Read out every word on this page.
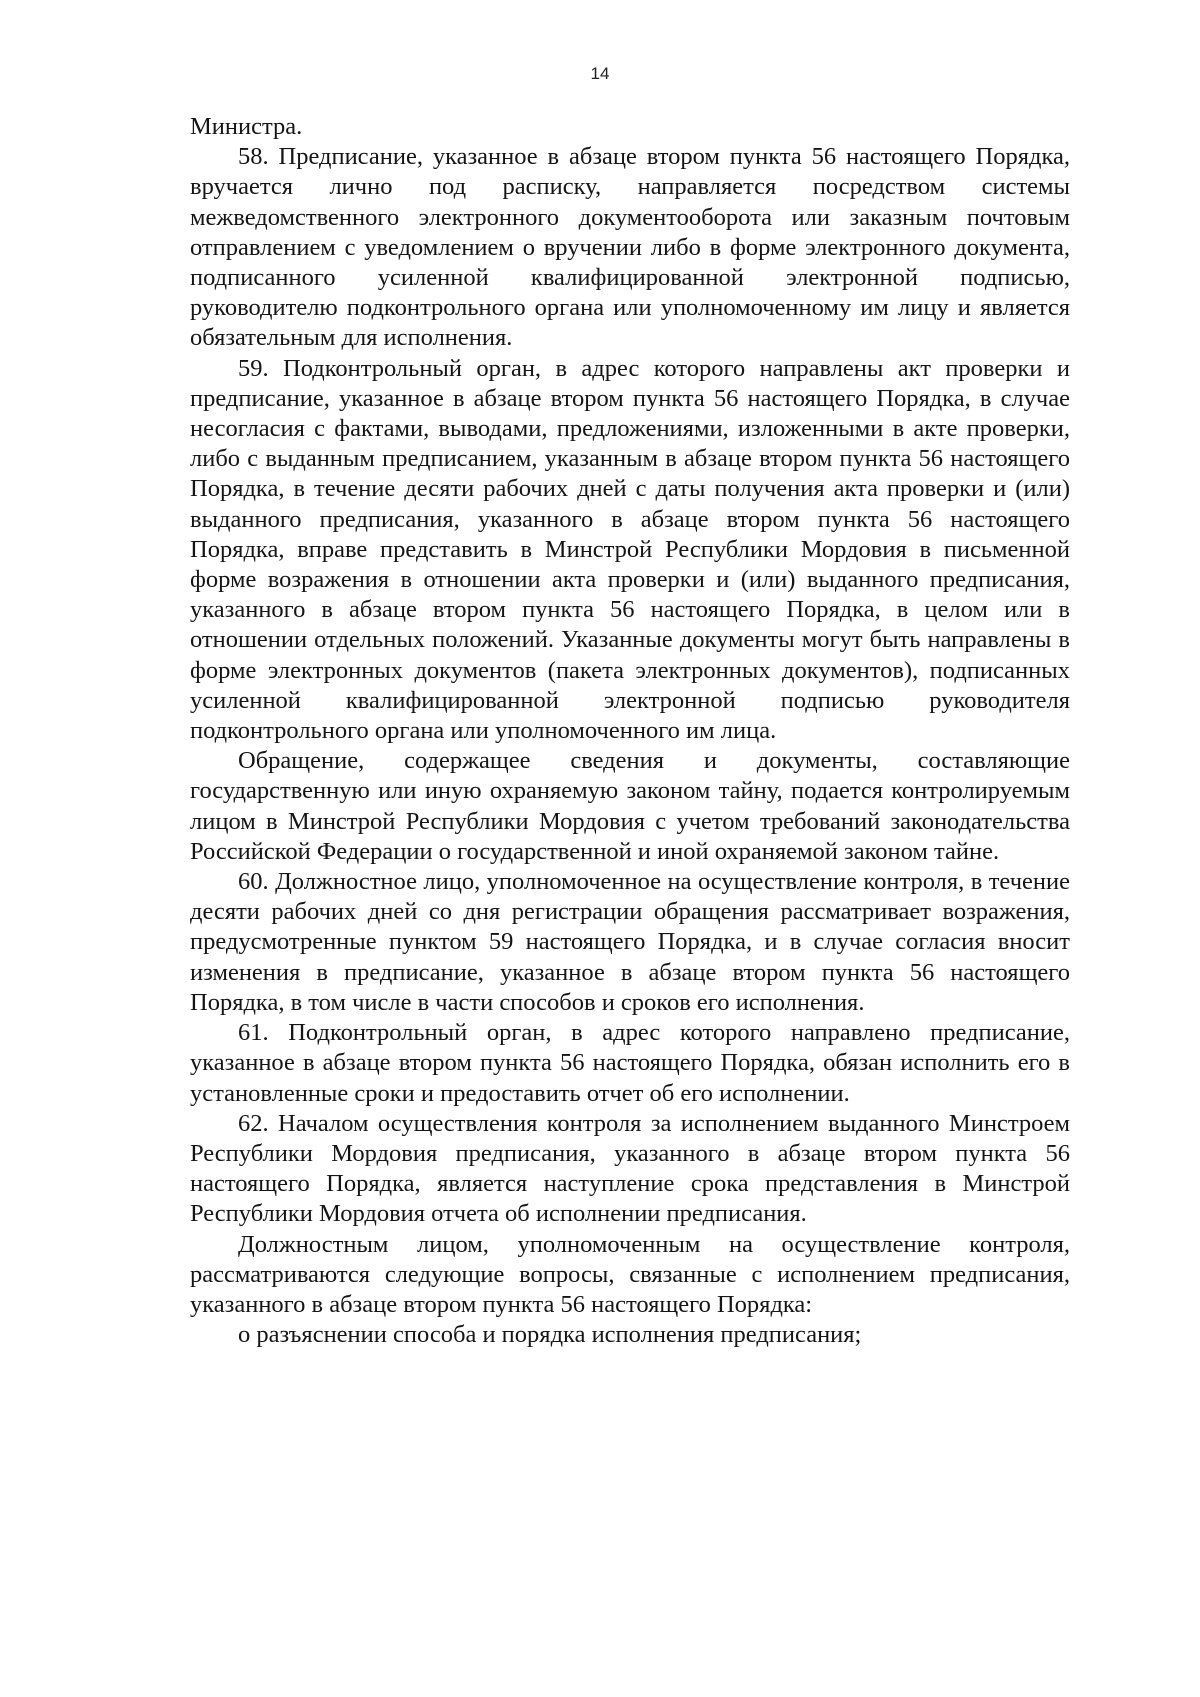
14

Министра.

58. Предписание, указанное в абзаце втором пункта 56 настоящего Порядка, вручается лично под расписку, направляется посредством системы межведомственного электронного документооборота или заказным почтовым отправлением с уведомлением о вручении либо в форме электронного документа, подписанного усиленной квалифицированной электронной подписью, руководителю подконтрольного органа или уполномоченному им лицу и является обязательным для исполнения.

59. Подконтрольный орган, в адрес которого направлены акт проверки и предписание, указанное в абзаце втором пункта 56 настоящего Порядка, в случае несогласия с фактами, выводами, предложениями, изложенными в акте проверки, либо с выданным предписанием, указанным в абзаце втором пункта 56 настоящего Порядка, в течение десяти рабочих дней с даты получения акта проверки и (или) выданного предписания, указанного в абзаце втором пункта 56 настоящего Порядка, вправе представить в Минстрой Республики Мордовия в письменной форме возражения в отношении акта проверки и (или) выданного предписания, указанного в абзаце втором пункта 56 настоящего Порядка, в целом или в отношении отдельных положений. Указанные документы могут быть направлены в форме электронных документов (пакета электронных документов), подписанных усиленной квалифицированной электронной подписью руководителя подконтрольного органа или уполномоченного им лица.

Обращение, содержащее сведения и документы, составляющие государственную или иную охраняемую законом тайну, подается контролируемым лицом в Минстрой Республики Мордовия с учетом требований законодательства Российской Федерации о государственной и иной охраняемой законом тайне.

60. Должностное лицо, уполномоченное на осуществление контроля, в течение десяти рабочих дней со дня регистрации обращения рассматривает возражения, предусмотренные пунктом 59 настоящего Порядка, и в случае согласия вносит изменения в предписание, указанное в абзаце втором пункта 56 настоящего Порядка, в том числе в части способов и сроков его исполнения.

61. Подконтрольный орган, в адрес которого направлено предписание, указанное в абзаце втором пункта 56 настоящего Порядка, обязан исполнить его в установленные сроки и предоставить отчет об его исполнении.

62. Началом осуществления контроля за исполнением выданного Минстроем Республики Мордовия предписания, указанного в абзаце втором пункта 56 настоящего Порядка, является наступление срока представления в Минстрой Республики Мордовия отчета об исполнении предписания.

Должностным лицом, уполномоченным на осуществление контроля, рассматриваются следующие вопросы, связанные с исполнением предписания, указанного в абзаце втором пункта 56 настоящего Порядка:

о разъяснении способа и порядка исполнения предписания;
